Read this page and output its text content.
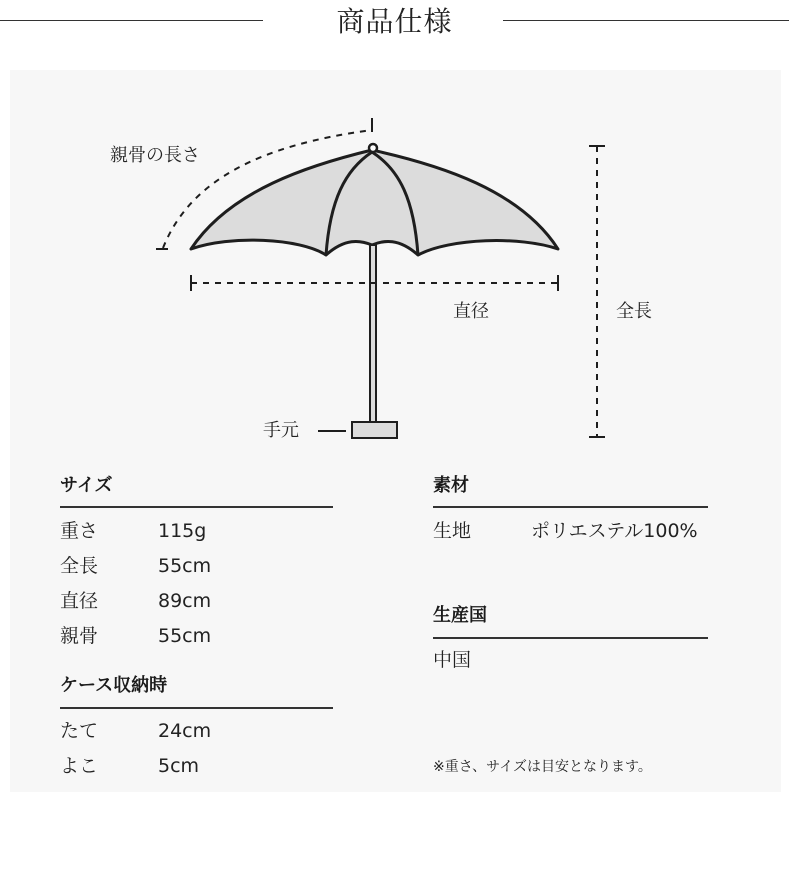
商品仕様
親骨の長さ
直径	全長
手元
サイズ
重さ	115g
全長	55cm
直径	89cm
親骨	55cm
ケース収納時
たて	24cm
よこ	5cm
素材
生地	ポリエステル100%
生産国
中国
※重さ、サイズは目安となります。
